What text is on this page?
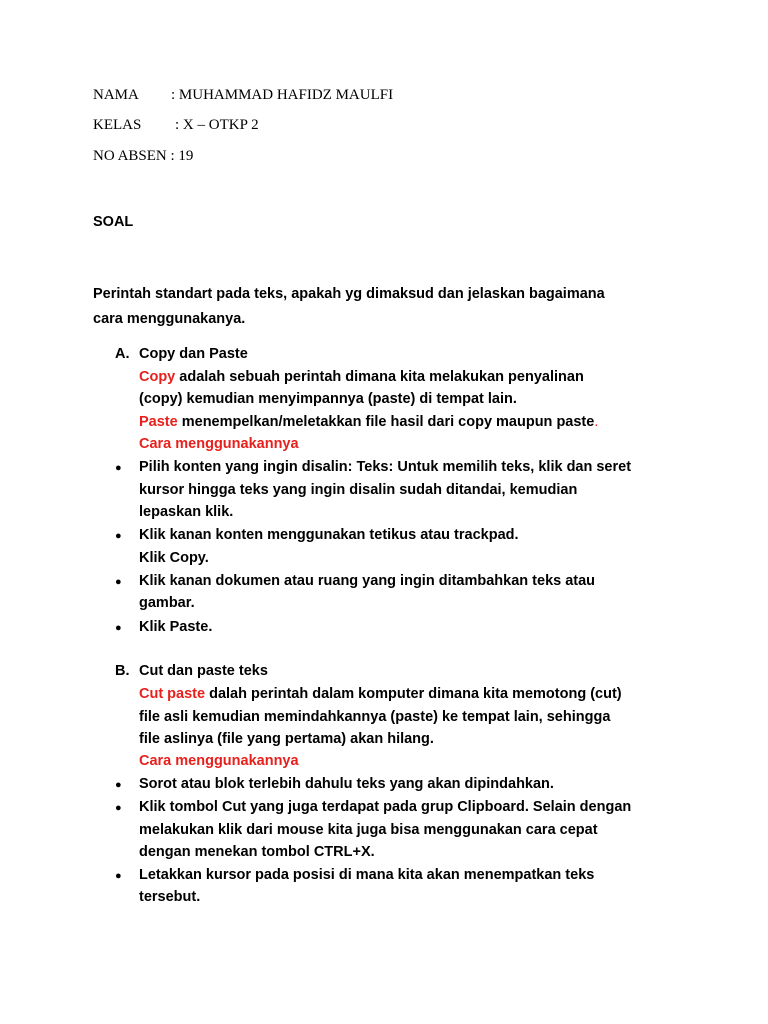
NAMA : MUHAMMAD HAFIDZ MAULFI
KELAS : X – OTKP 2
NO ABSEN : 19
SOAL
Perintah standart pada teks, apakah yg dimaksud dan jelaskan bagaimana
cara menggunakanya.
A. Copy dan Paste
Copy adalah sebuah perintah dimana kita melakukan penyalinan
(copy) kemudian menyimpannya (paste) di tempat lain.
Paste menempelkan/meletakkan file hasil dari copy maupun paste.
Cara menggunakannya
● Pilih konten yang ingin disalin: Teks: Untuk memilih teks, klik dan seret
kursor hingga teks yang ingin disalin sudah ditandai, kemudian
lepaskan klik.
● Klik kanan konten menggunakan tetikus atau trackpad.
Klik Copy.
● Klik kanan dokumen atau ruang yang ingin ditambahkan teks atau
gambar.
● Klik Paste.
B. Cut dan paste teks
Cut paste dalah perintah dalam komputer dimana kita memotong (cut)
file asli kemudian memindahkannya (paste) ke tempat lain, sehingga
file aslinya (file yang pertama) akan hilang.
Cara menggunakannya
● Sorot atau blok terlebih dahulu teks yang akan dipindahkan.
● Klik tombol Cut yang juga terdapat pada grup Clipboard. Selain dengan
melakukan klik dari mouse kita juga bisa menggunakan cara cepat
dengan menekan tombol CTRL+X.
● Letakkan kursor pada posisi di mana kita akan menempatkan teks
tersebut.
